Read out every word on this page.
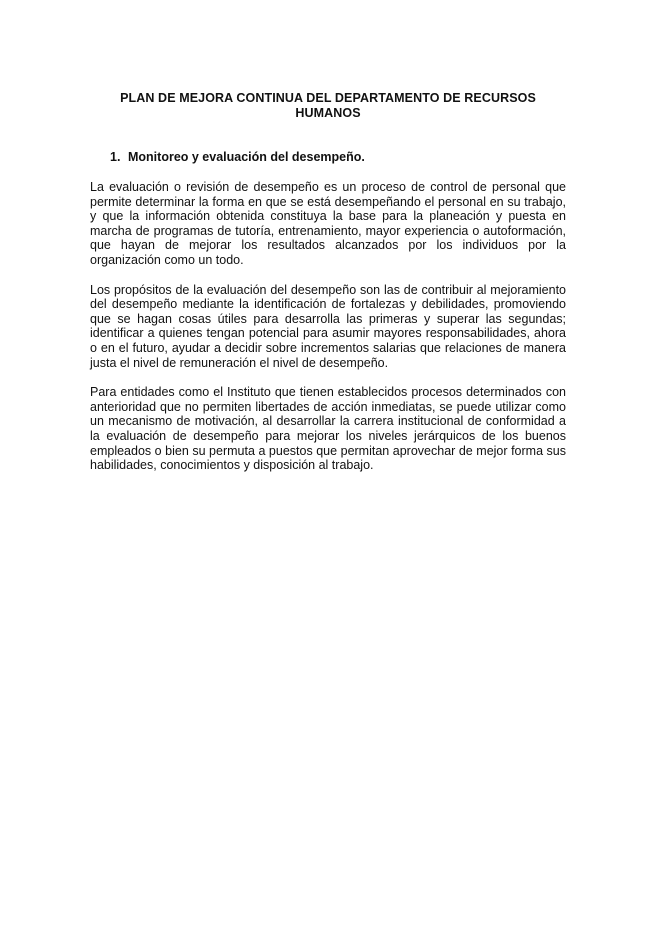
PLAN DE MEJORA CONTINUA DEL DEPARTAMENTO DE RECURSOS HUMANOS
1. Monitoreo y evaluación del desempeño.

La evaluación o revisión de desempeño es un proceso de control de personal que permite determinar la forma en que se está desempeñando el personal en su trabajo, y que la información obtenida constituya la base para la planeación y puesta en marcha de programas de tutoría, entrenamiento, mayor experiencia o autoformación, que hayan de mejorar los resultados alcanzados por los individuos por la organización como un todo.

Los propósitos de la evaluación del desempeño son las de contribuir al mejoramiento del desempeño mediante la identificación de fortalezas y debilidades, promoviendo que se hagan cosas útiles para desarrolla las primeras y superar las segundas; identificar a quienes tengan potencial para asumir mayores responsabilidades, ahora o en el futuro, ayudar a decidir sobre incrementos salarias que relaciones de manera justa el nivel de remuneración el nivel de desempeño.

Para entidades como el Instituto que tienen establecidos procesos determinados con anterioridad que no permiten libertades de acción inmediatas, se puede utilizar como un mecanismo de motivación, al desarrollar la carrera institucional de conformidad a la evaluación de desempeño para mejorar los niveles jerárquicos de los buenos empleados o bien su permuta a puestos que permitan aprovechar de mejor forma sus habilidades, conocimientos y disposición al trabajo.
